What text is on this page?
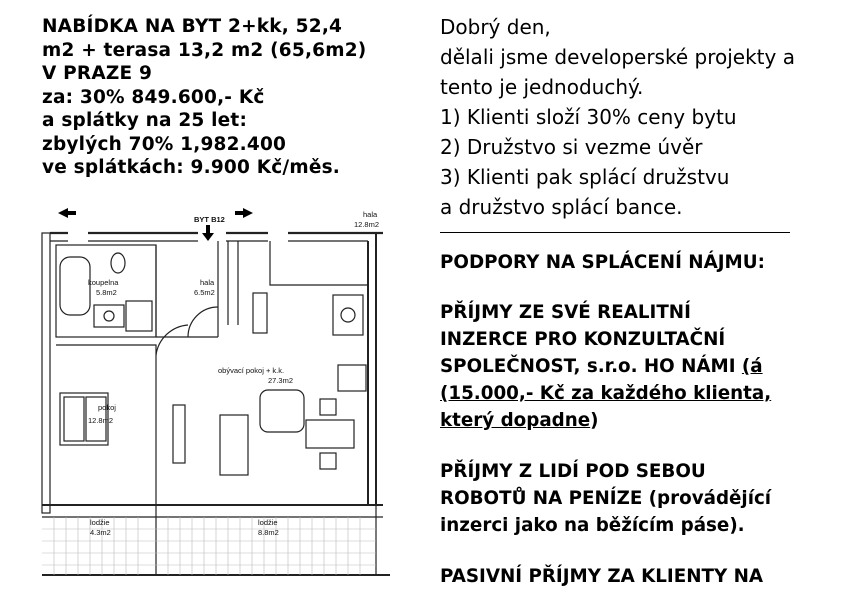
NABÍDKA NA BYT 2+kk, 52,4
m2 + terasa 13,2 m2 (65,6m2)
V PRAZE 9
za: 30% 849.600,- Kč
a splátky na 25 let:
zbylých 70% 1,982.400
ve splátkách: 9.900 Kč/měs.
BYT B12
hala
12.8m2
koupelna
5.8m2
hala
6.5m2
obývací pokoj + k.k.
27.3m2
pokoj
12.8m2
lodžie
4.3m2
lodžie
8.8m2
Dobrý den,
dělali jsme developerské projekty a
tento je jednoduchý.
1) Klienti složí 30% ceny bytu
2) Družstvo si vezme úvěr
3) Klienti pak splácí družstvu
a družstvo splácí bance.
PODPORY NA SPLÁCENÍ NÁJMU:
PŘÍJMY ZE SVÉ REALITNÍ
INZERCE PRO KONZULTAČNÍ
SPOLEČNOST, s.r.o. HO NÁMI (á
(15.000,- Kč za každého klienta,
který dopadne)
PŘÍJMY Z LIDÍ POD SEBOU
ROBOTŮ NA PENÍZE (provádějící
inzerci jako na běžícím páse).
PASIVNÍ PŘÍJMY ZA KLIENTY NA
